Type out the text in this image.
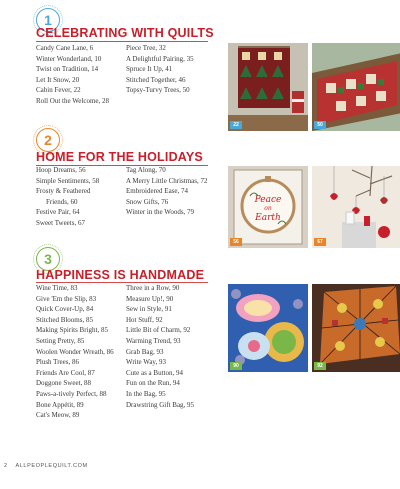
1
CELEBRATING WITH QUILTS
Candy Cane Lane, 6
Winter Wonderland, 10
Twist on Tradition, 14
Let It Snow, 20
Cabin Fever, 22
Roll Out the Welcome, 28
Piece Tree, 32
A Delightful Pairing, 35
Spruce It Up, 41
Stitched Together, 46
Topsy-Turvy Trees, 50
22	50
2
HOME FOR THE HOLIDAYS
Hoop Dreams, 56
Simple Sentiments, 58
Frosty & Feathered
Friends, 60
Festive Pair, 64
Sweet Tweets, 67
Tag Along, 70
A Merry Little Christmas, 72
Embroidered Ease, 74
Snow Gifts, 76
Winter in the Woods, 79
Peace
on
Earth
56	67
3
HAPPINESS IS HANDMADE
Wine Time, 83
Give 'Em the Slip, 83
Quick Cover-Up, 84
Stitched Blooms, 85
Making Spirits Bright, 85
Setting Pretty, 85
Woolen Wonder Wreath, 86
Plush Trees, 86
Friends Are Cool, 87
Doggone Sweet, 88
Paws-a-tively Perfect, 88
Bone Appétit, 89
Cat's Meow, 89
Three in a Row, 90
Measure Up!, 90
Sew in Style, 91
Hot Stuff, 92
Little Bit of Charm, 92
Warming Trend, 93
Grab Bag, 93
Write Way, 93
Cute as a Button, 94
Fun on the Run, 94
In the Bag, 95
Drawstring Gift Bag, 95
90	92
2 ALLPEOPLEQUILT.COM
